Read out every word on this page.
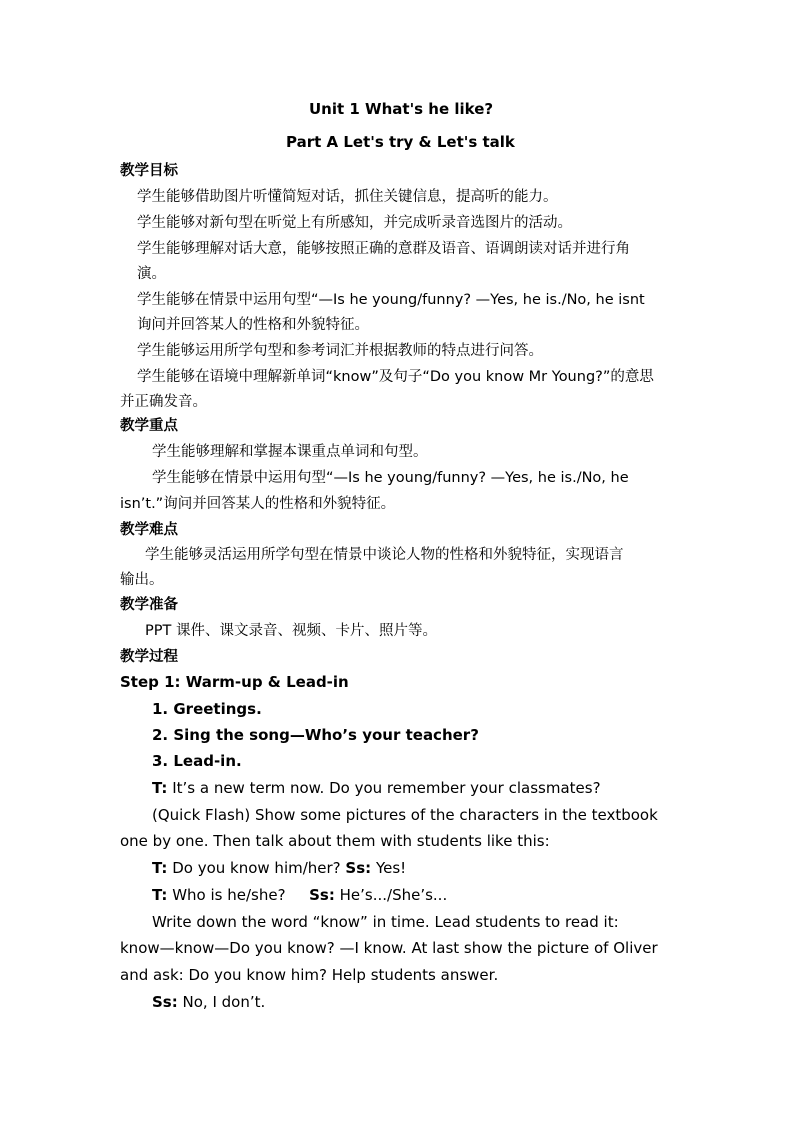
Unit 1 What's he like?
Part A Let's try & Let's talk
教学目标
学生能够借助图片听懂简短对话，抓住关键信息，提高听的能力。
学生能够对新句型在听觉上有所感知，并完成听录音选图片的活动。
学生能够理解对话大意，能够按照正确的意群及语音、语调朗读对话并进行角
演。
学生能够在情景中运用句型“—Is he young/funny? —Yes, he is./No, he isnt
询问并回答某人的性格和外貌特征。
学生能够运用所学句型和参考词汇并根据教师的特点进行问答。
学生能够在语境中理解新单词“know”及句子“Do you know Mr Young?”的意思
并正确发音。
教学重点
学生能够理解和掌握本课重点单词和句型。
学生能够在情景中运用句型“—Is he young/funny? —Yes, he is./No, he
isn’t.”询问并回答某人的性格和外貌特征。
教学难点
学生能够灵活运用所学句型在情景中谈论人物的性格和外貌特征，实现语言
输出。
教学准备
PPT 课件、课文录音、视频、卡片、照片等。
教学过程
Step 1: Warm-up & Lead-in
1. Greetings.
2. Sing the song—Who’s your teacher?
3. Lead-in.
T: It’s a new term now. Do you remember your classmates?
(Quick Flash) Show some pictures of the characters in the textbook
one by one. Then talk about them with students like this:
T: Do you know him/her? Ss: Yes!
T: Who is he/she? Ss: He’s.../She’s...
Write down the word “know” in time. Lead students to read it:
know—know—Do you know? —I know. At last show the picture of Oliver
and ask: Do you know him? Help students answer.
Ss: No, I don’t.
